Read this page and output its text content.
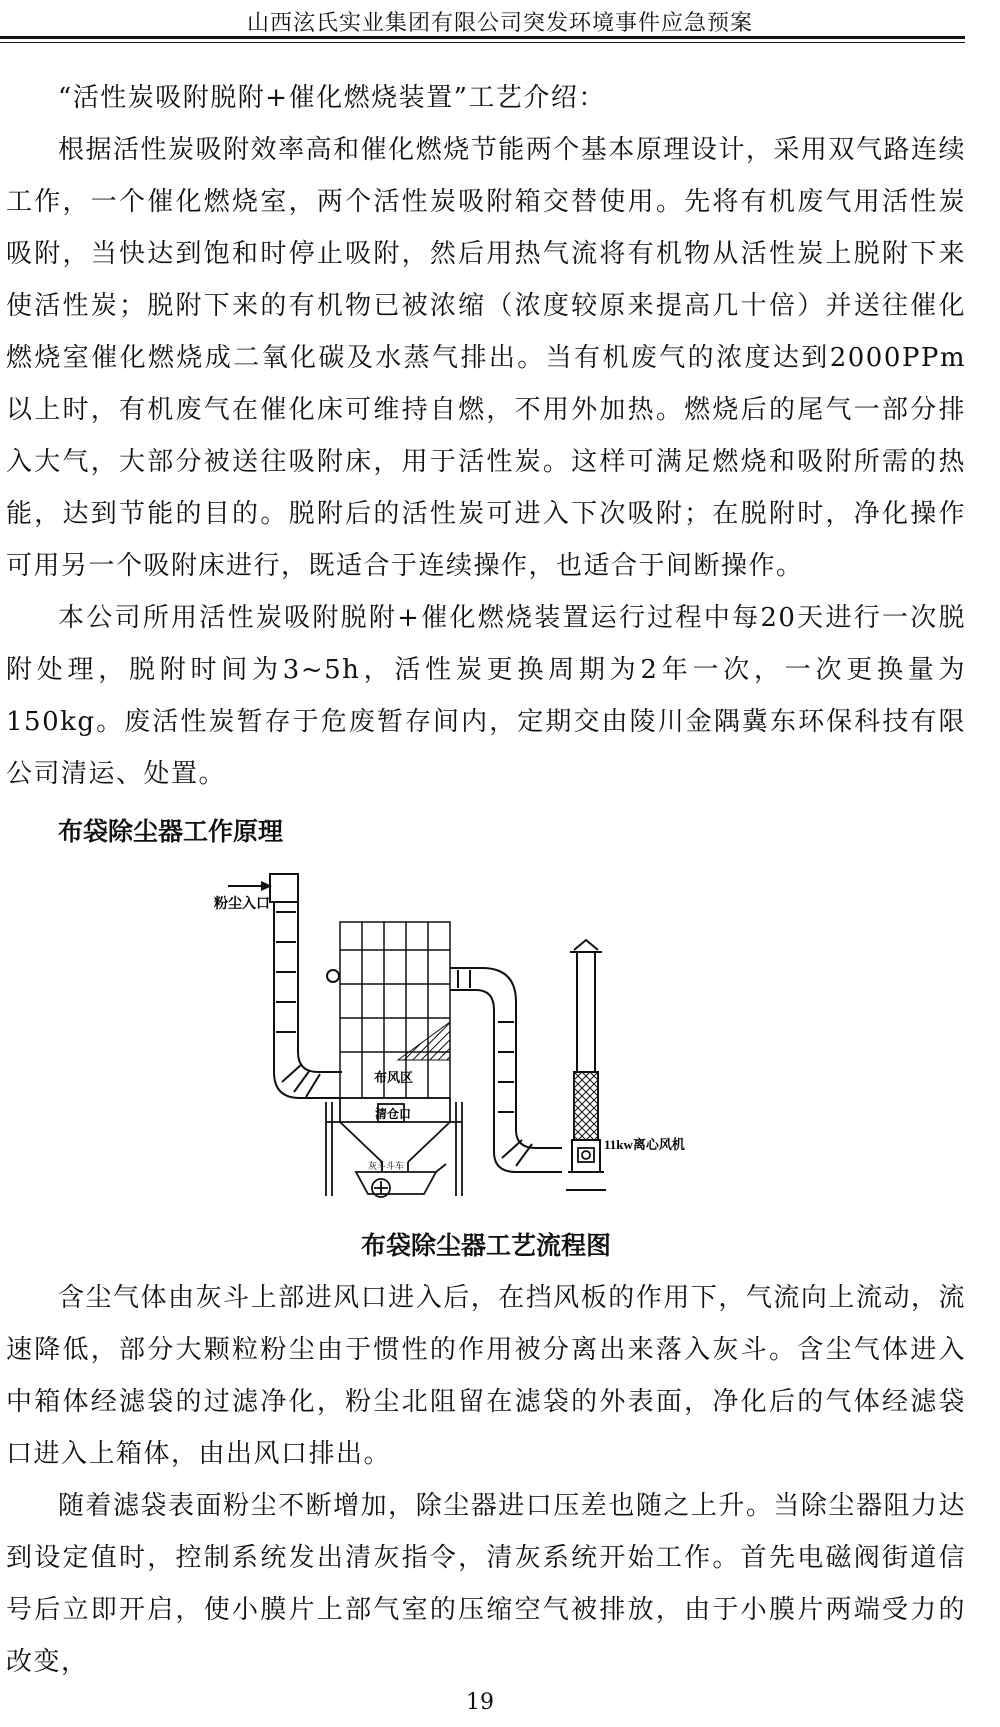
山西泫氏实业集团有限公司突发环境事件应急预案

“活性炭吸附脱附+催化燃烧装置”工艺介绍：

根据活性炭吸附效率高和催化燃烧节能两个基本原理设计，采用双气路连续工作，一个催化燃烧室，两个活性炭吸附箱交替使用。先将有机废气用活性炭吸附，当快达到饱和时停止吸附，然后用热气流将有机物从活性炭上脱附下来使活性炭；脱附下来的有机物已被浓缩（浓度较原来提高几十倍）并送往催化燃烧室催化燃烧成二氧化碳及水蒸气排出。当有机废气的浓度达到2000PPm以上时，有机废气在催化床可维持自燃，不用外加热。燃烧后的尾气一部分排入大气，大部分被送往吸附床，用于活性炭。这样可满足燃烧和吸附所需的热能，达到节能的目的。脱附后的活性炭可进入下次吸附；在脱附时，净化操作可用另一个吸附床进行，既适合于连续操作，也适合于间断操作。

本公司所用活性炭吸附脱附+催化燃烧装置运行过程中每20天进行一次脱附处理，脱附时间为3~5h，活性炭更换周期为2年一次，一次更换量为150kg。废活性炭暂存于危废暂存间内，定期交由陵川金隅冀东环保科技有限公司清运、处置。

布袋除尘器工作原理
粉尘入口
布风区
清仓口
灰斗斗车
11kw离心风机
布袋除尘器工艺流程图

含尘气体由灰斗上部进风口进入后，在挡风板的作用下，气流向上流动，流速降低，部分大颗粒粉尘由于惯性的作用被分离出来落入灰斗。含尘气体进入中箱体经滤袋的过滤净化，粉尘北阻留在滤袋的外表面，净化后的气体经滤袋口进入上箱体，由出风口排出。

随着滤袋表面粉尘不断增加，除尘器进口压差也随之上升。当除尘器阻力达到设定值时，控制系统发出清灰指令，清灰系统开始工作。首先电磁阀街道信号后立即开启，使小膜片上部气室的压缩空气被排放，由于小膜片两端受力的改变，

19
